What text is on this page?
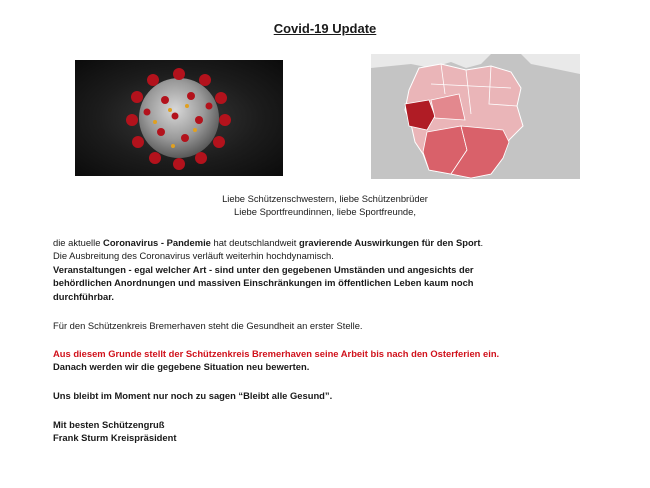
Covid-19 Update
Liebe Schützenschwestern, liebe Schützenbrüder
Liebe Sportfreundinnen, liebe Sportfreunde,

die aktuelle Coronavirus - Pandemie hat deutschlandweit gravierende Auswirkungen für den Sport.

Die Ausbreitung des Coronavirus verläuft weiterhin hochdynamisch.

Veranstaltungen - egal welcher Art - sind unter den gegebenen Umständen und angesichts der

behördlichen Anordnungen und massiven Einschränkungen im öffentlichen Leben kaum noch

durchführbar.

Für den Schützenkreis Bremerhaven steht die Gesundheit an erster Stelle.

Aus diesem Grunde stellt der Schützenkreis Bremerhaven seine Arbeit bis nach den Osterferien ein.

Danach werden wir die gegebene Situation neu bewerten.

Uns bleibt im Moment nur noch zu sagen “Bleibt alle Gesund”.

Mit besten Schützengruß

Frank Sturm Kreispräsident
